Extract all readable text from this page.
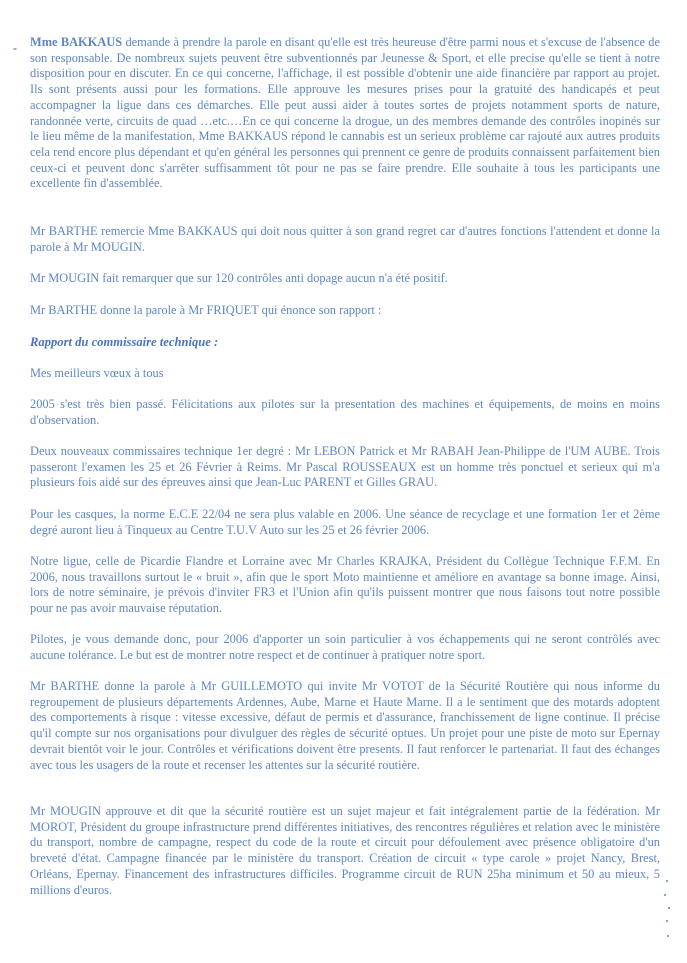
- Mme BAKKAUS demande à prendre la parole en disant qu'elle est très heureuse d'être parmi nous et s'excuse de l'absence de son responsable. De nombreux sujets peuvent être subventionnés par Jeunesse & Sport, et elle precise qu'elle se tient à notre disposition pour en discuter. En ce qui concerne, l'affichage, il est possible d'obtenir une aide financière par rapport au projet. Ils sont présents aussi pour les formations. Elle approuve les mesures prises pour la gratuité des handicapés et peut accompagner la ligue dans ces démarches. Elle peut aussi aider à toutes sortes de projets notamment sports de nature, randonnée verte, circuits de quad …etc.…En ce qui concerne la drogue, un des membres demande des contrôles inopinés sur le lieu même de la manifestation, Mme BAKKAUS répond le cannabis est un serieux problème car rajouté aux autres produits cela rend encore plus dépendant et qu'en général les personnes qui prennent ce genre de produits connaissent parfaitement bien ceux-ci et peuvent donc s'arrêter suffisamment tôt pour ne pas se faire prendre. Elle souhaite à tous les participants une excellente fin d'assemblée.

Mr BARTHE remercie Mme BAKKAUS qui doit nous quitter à son grand regret car d'autres fonctions l'attendent et donne la parole à Mr MOUGIN.

Mr MOUGIN fait remarquer que sur 120 contrôles anti dopage aucun n'a été positif.

Mr BARTHE donne la parole à Mr FRIQUET qui énonce son rapport :

Rapport du commissaire technique :

Mes meilleurs vœux à tous

2005 s'est très bien passé. Félicitations aux pilotes sur la presentation des machines et équipements, de moins en moins d'observation.

Deux nouveaux commissaires technique 1er degré : Mr LEBON Patrick et Mr RABAH Jean-Philippe de l'UM AUBE. Trois passeront l'examen les 25 et 26 Février à Reims. Mr Pascal ROUSSEAUX est un homme très ponctuel et serieux qui m'a plusieurs fois aidé sur des épreuves ainsi que Jean-Luc PARENT et Gilles GRAU.

Pour les casques, la norme E.C.E 22/04 ne sera plus valable en 2006. Une séance de recyclage et une formation 1er et 2ème degré auront lieu à Tinqueux au Centre T.U.V Auto sur les 25 et 26 février 2006.

Notre ligue, celle de Picardie Flandre et Lorraine avec Mr Charles KRAJKA, Président du Collègue Technique F.F.M. En 2006, nous travaillons surtout le « bruit », afin que le sport Moto maintienne et améliore en avantage sa bonne image. Ainsi, lors de notre séminaire, je prévois d'inviter FR3 et l'Union afin qu'ils puissent montrer que nous faisons tout notre possible pour ne pas avoir mauvaise réputation.

Pilotes, je vous demande donc, pour 2006 d'apporter un soin particulier à vos échappements qui ne seront contrôlés avec aucune tolérance. Le but est de montrer notre respect et de continuer à pratiquer notre sport.

Mr BARTHE donne la parole à Mr GUILLEMOTO qui invite Mr VOTOT de la Sécurité Routière qui nous informe du regroupement de plusieurs départements Ardennes, Aube, Marne et Haute Marne. Il a le sentiment que des motards adoptent des comportements à risque : vitesse excessive, défaut de permis et d'assurance, franchissement de ligne continue. Il précise qu'il compte sur nos organisations pour divulguer des règles de sécurité optues. Un projet pour une piste de moto sur Epernay devrait bientôt voir le jour. Contrôles et vérifications doivent être presents. Il faut renforcer le partenariat. Il faut des échanges avec tous les usagers de la route et recenser les attentes sur la sécurité routière.

Mr MOUGIN approuve et dit que la sécurité routière est un sujet majeur et fait intégralement partie de la fédération. Mr MOROT, Président du groupe infrastructure prend différentes initiatives, des rencontres régulières et relation avec le ministère du transport, nombre de campagne, respect du code de la route et circuit pour défoulement avec présence obligatoire d'un breveté d'état. Campagne financée par le ministère du transport. Création de circuit « type carole » projet Nancy, Brest, Orléans, Epernay. Financement des infrastructures difficiles. Programme circuit de RUN 25ha minimum et 50 au mieux, 5 millions d'euros.
